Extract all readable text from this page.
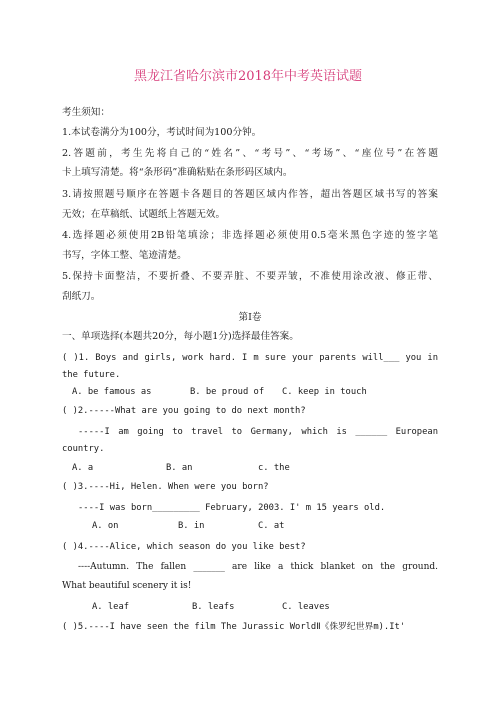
黑龙江省哈尔滨市2018年中考英语试题
考生须知：
1.本试卷满分为100分，考试时间为100分钟。
2.答题前，考生先将自己的“姓名”、“考号”、“考场”、“座位号”在答题
卡上填写清楚。将“条形码”准确粘贴在条形码区域内。
3.请按照题号顺序在答题卡各题目的答题区域内作答，超出答题区域书写的答案
无效；在草稿纸、试题纸上答题无效。
4.选择题必须使用2B铅笔填涂；非选择题必须使用0.5毫米黑色字迹的签字笔
书写，字体工整、笔迹清楚。
5.保持卡面整洁，不要折叠、不要弄脏、不要弄皱，不准使用涂改液、修正带、
刮纸刀。
第Ⅰ卷
一、单项选择(本题共20分，每小题1分)选择最佳答案。
( )1. Boys and girls, work hard. I m sure your parents will___ you in
the future.
A. be famous as	B. be proud of C. keep in touch
( )2.-----What are you going to do next month?
-----I am going to travel to Germany, which is ______ European
country.
A. a	B. an	c. the
( )3.----Hi, Helen. When were you born?
----I was born_________ February, 2003. I' m 15 years old.
A. on	B. in	C. at
( )4.----Alice, which season do you like best?
----Autumn. The fallen _______ are like a thick blanket on the ground.
What beautiful scenery it is!
A. leaf	B. leafs	C. leaves
( )5.----I have seen the film The Jurassic WorldⅡ《侏罗纪世界m).It'
